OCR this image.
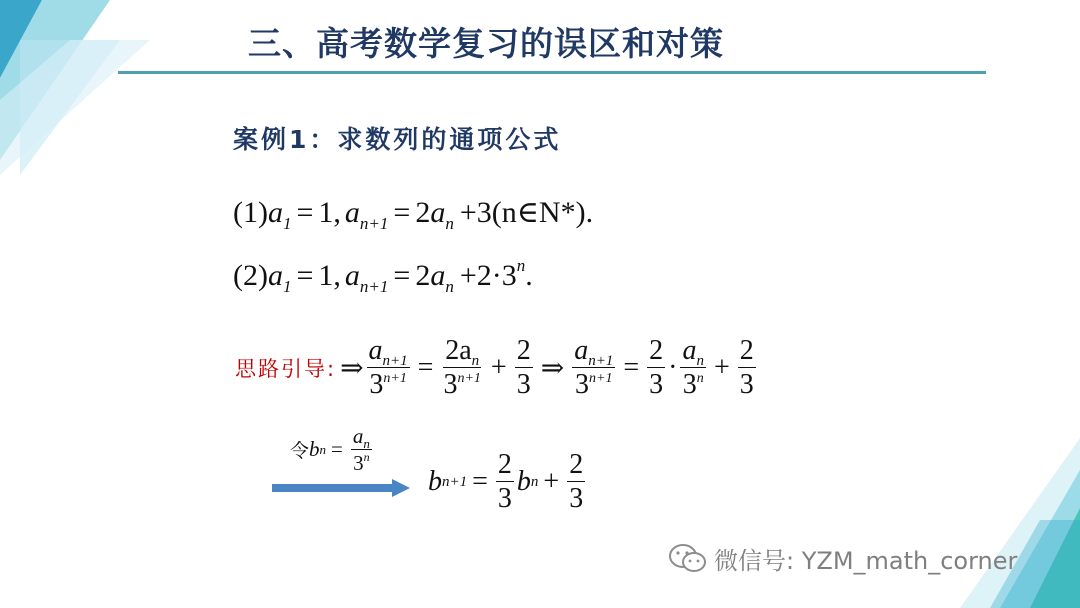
三、高考数学复习的误区和对策
案例1：求数列的通项公式
$(1)a_1 = 1$, $a_{n+1} = 2a_n$ +3(n∈N*).
$(2)a_1 = 1$, $a_{n+1} = 2a_n +2\cdot 3^n$.
思路引导: ⇒ $\frac{a_{n+1}}{3^{n+1}} = \frac{2a_n}{3^{n+1}} + \frac{2}{3}$ ⇒ $\frac{a_{n+1}}{3^{n+1}} = \frac{2}{3} \cdot \frac{a_n}{3^n} + \frac{2}{3}$
令 b $n = \frac{a_n}{3^n}$
b $n+1 = \frac{2}{3}$ b $n + \frac{2}{3}$
微信号: YZM_math_corner
